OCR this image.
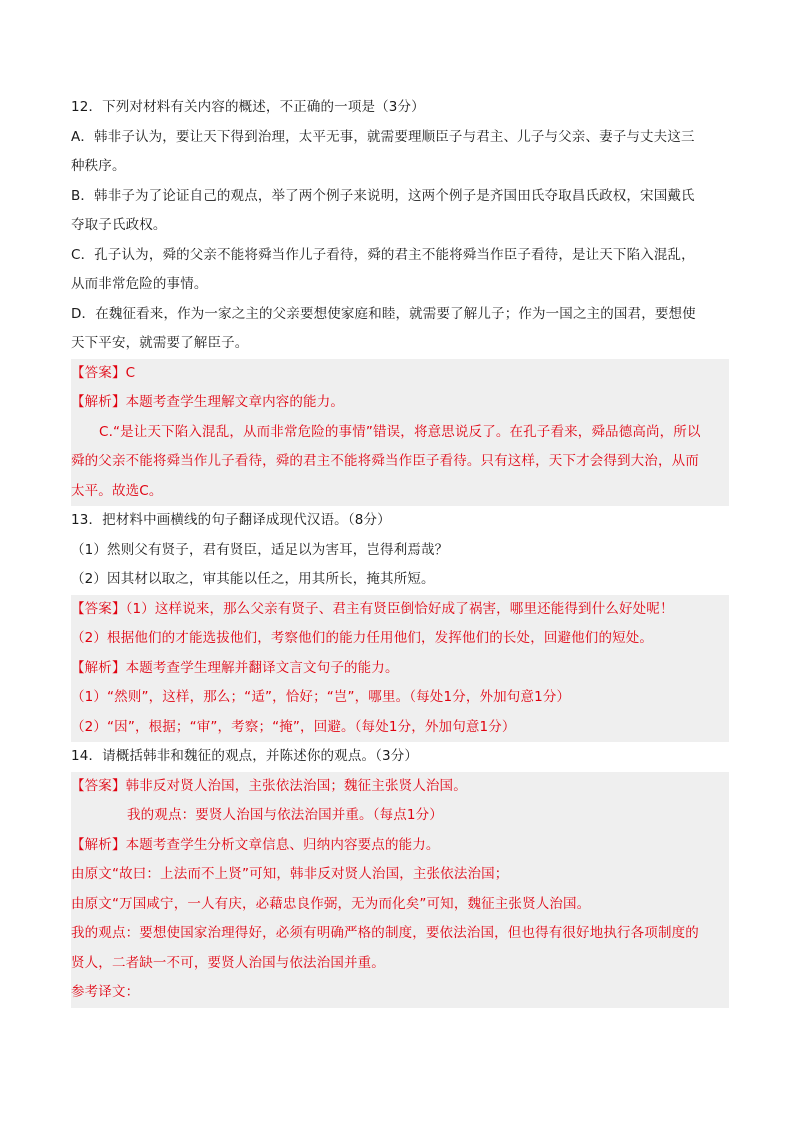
12．下列对材料有关内容的概述，不正确的一项是（3分）
A．韩非子认为，要让天下得到治理，太平无事，就需要理顺臣子与君主、儿子与父亲、妻子与丈夫这三
种秩序。
B．韩非子为了论证自己的观点，举了两个例子来说明，这两个例子是齐国田氏夺取昌氏政权，宋国戴氏
夺取子氏政权。
C．孔子认为，舜的父亲不能将舜当作儿子看待，舜的君主不能将舜当作臣子看待，是让天下陷入混乱，
从而非常危险的事情。
D．在魏征看来，作为一家之主的父亲要想使家庭和睦，就需要了解儿子；作为一国之主的国君，要想使
天下平安，就需要了解臣子。
【答案】C
【解析】本题考查学生理解文章内容的能力。
C.“是让天下陷入混乱，从而非常危险的事情”错误，将意思说反了。在孔子看来，舜品德高尚，所以
舜的父亲不能将舜当作儿子看待，舜的君主不能将舜当作臣子看待。只有这样，天下才会得到大治，从而
太平。故选C。
13．把材料中画横线的句子翻译成现代汉语。（8分）
（1）然则父有贤子，君有贤臣，适足以为害耳，岂得利焉哉？
（2）因其材以取之，审其能以任之，用其所长，掩其所短。
【答案】（1）这样说来，那么父亲有贤子、君主有贤臣倒恰好成了祸害，哪里还能得到什么好处呢！
（2）根据他们的才能选拔他们，考察他们的能力任用他们，发挥他们的长处，回避他们的短处。
【解析】本题考查学生理解并翻译文言文句子的能力。
（1）“然则”，这样，那么；“适”，恰好；“岂”，哪里。（每处1分，外加句意1分）
（2）“因”，根据；“审”，考察；“掩”，回避。（每处1分，外加句意1分）
14．请概括韩非和魏征的观点，并陈述你的观点。（3分）
【答案】韩非反对贤人治国，主张依法治国；魏征主张贤人治国。
我的观点：要贤人治国与依法治国并重。（每点1分）
【解析】本题考查学生分析文章信息、归纳内容要点的能力。
由原文“故曰：上法而不上贤”可知，韩非反对贤人治国，主张依法治国；
由原文“万国咸宁，一人有庆，必藉忠良作弼，无为而化矣”可知，魏征主张贤人治国。
我的观点：要想使国家治理得好，必须有明确严格的制度，要依法治国，但也得有很好地执行各项制度的
贤人，二者缺一不可，要贤人治国与依法治国并重。
参考译文：
